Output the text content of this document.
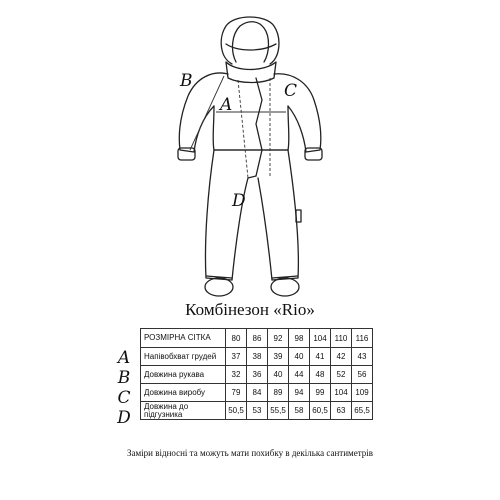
A
B	C
D
Комбінезон «Rio»
РОЗМІРНА СІТКА	80	86	92	98	104	110	116
Напівобхват грудей	37	38	39	40	41	42	43
Довжина рукава	32	36	40	44	48	52	56
Довжина виробу	79	84	89	94	99	104	109
Довжина до підгузника	50,5	53	55,5	58	60,5	63	65,5
A
B
C
D
Заміри відносні та можуть мати похибку в декілька сантиметрів
